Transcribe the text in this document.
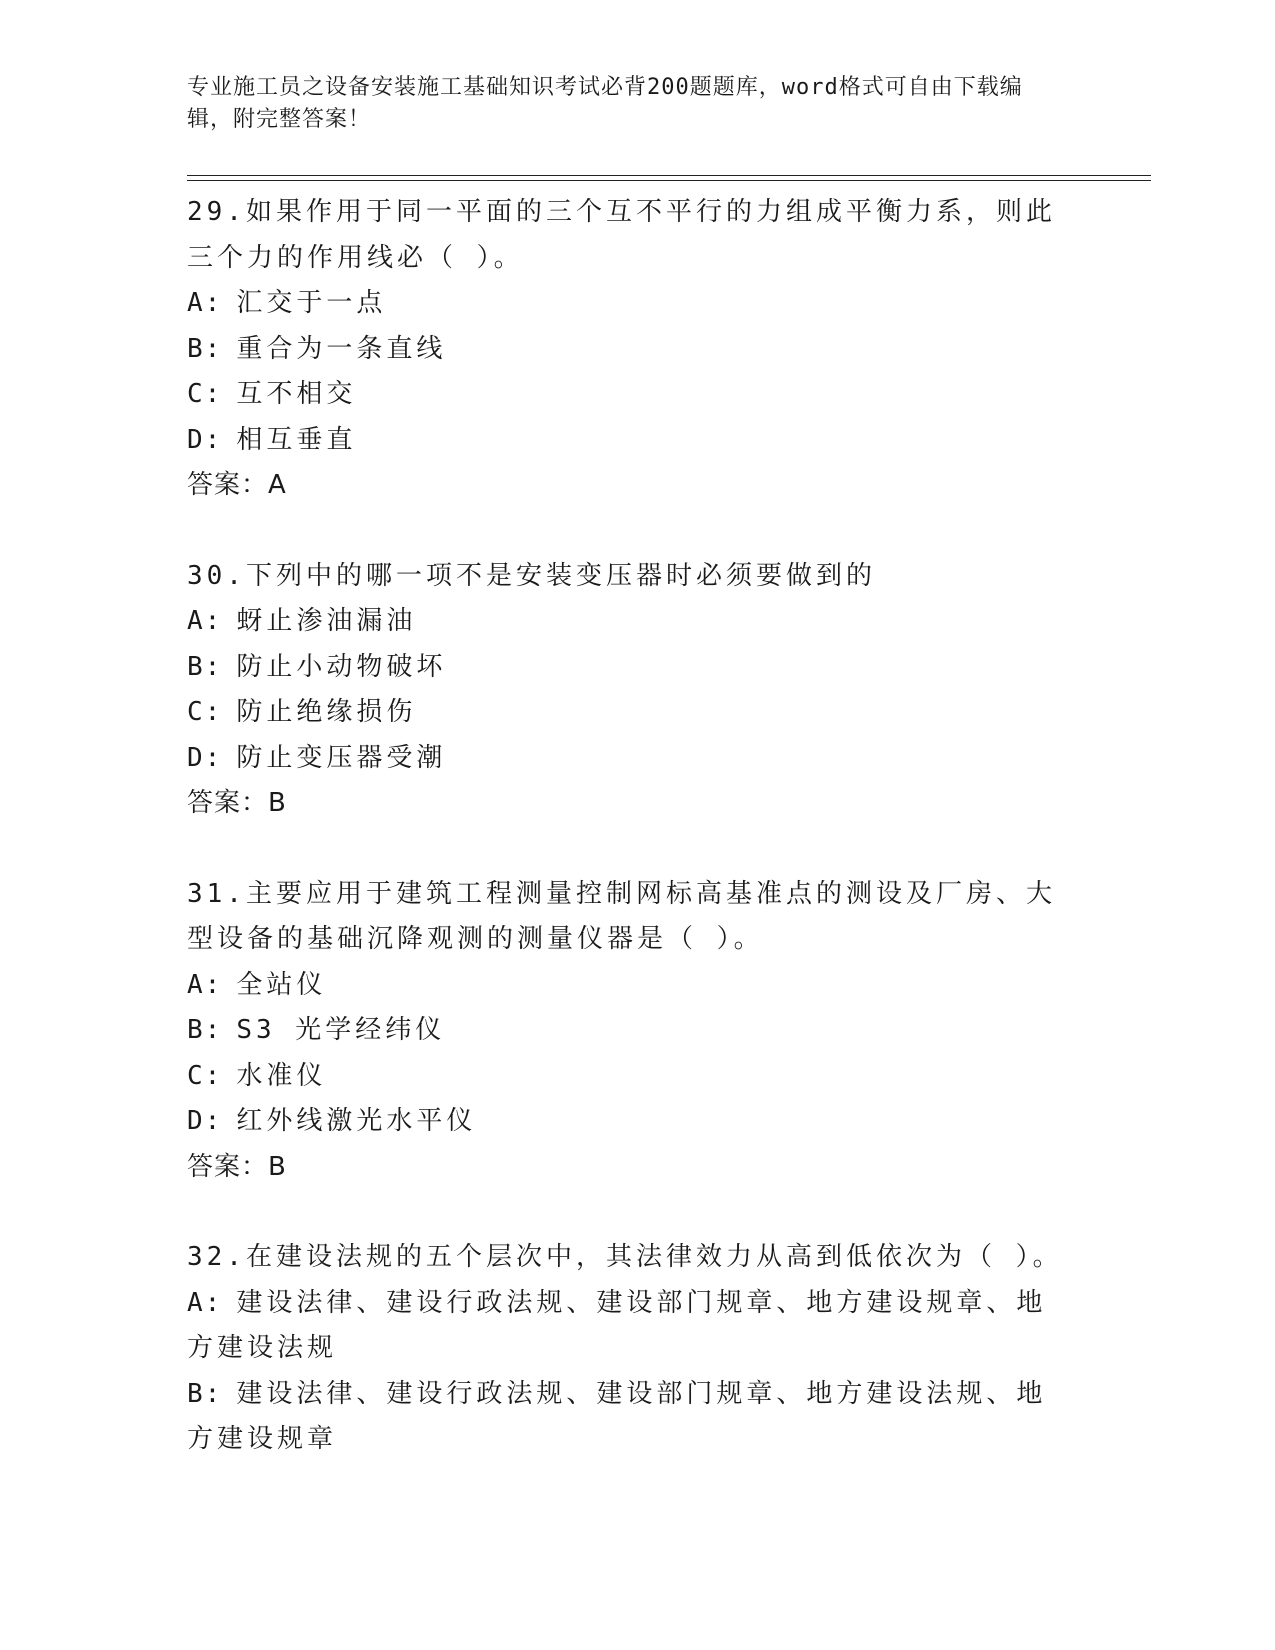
专业施工员之设备安装施工基础知识考试必背200题题库，word格式可自由下载编辑，附完整答案！
29.如果作用于同一平面的三个互不平行的力组成平衡力系，则此三个力的作用线必（ ）。
A: 汇交于一点
B: 重合为一条直线
C: 互不相交
D: 相互垂直
答案：A
30.下列中的哪一项不是安装变压器时必须要做到的
A: 蚜止渗油漏油
B: 防止小动物破坏
C: 防止绝缘损伤
D: 防止变压器受潮
答案：B
31.主要应用于建筑工程测量控制网标高基准点的测设及厂房、大型设备的基础沉降观测的测量仪器是（ ）。
A: 全站仪
B: S3 光学经纬仪
C: 水准仪
D: 红外线激光水平仪
答案：B
32.在建设法规的五个层次中，其法律效力从高到低依次为（ ）。
A: 建设法律、建设行政法规、建设部门规章、地方建设规章、地方建设法规
B: 建设法律、建设行政法规、建设部门规章、地方建设法规、地方建设规章
